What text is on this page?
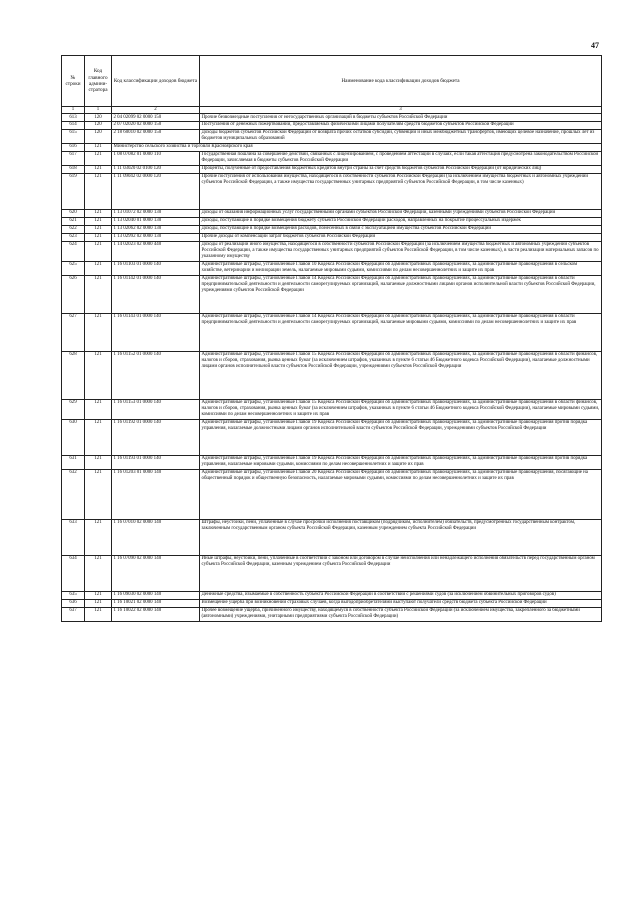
47
№ строки	Код главного админи-стратора	Код классификации доходов бюджета	Наименование кода классификации доходов бюджета
1	1	2	3
613	120	2 04 02099 02 0000 150	Прочие безвозмездные поступления от негосударственных организаций в бюджеты субъектов Российской Федерации
614	120	2 07 02020 02 0000 150	Поступления от денежных пожертвований, предоставляемых физическими лицами получателям средств бюджетов субъектов Российской Федерации
615	120	2 18 60010 02 0000 150	Доходы бюджетов субъектов Российской Федерации от возврата прочих остатков субсидий, субвенций и иных межбюджетных трансфертов, имеющих целевое назначение, прошлых лет из бюджетов муниципальных образований
616	121	Министерство сельского хозяйства и торговли Красноярского края	
617	121	1 08 07082 01 0000 110	Государственная пошлина за совершение действий, связанных с лицензированием, с проведением аттестации в случаях, если такая аттестация предусмотрена законодательством Российской Федерации, зачисляемая в бюджеты субъектов Российской Федерации
618	121	1 11 03020 02 0100 120	Проценты, полученные от предоставления бюджетных кредитов внутри страны за счет средств бюджетов субъектов Российской Федерации (от юридических лиц)
619	121	1 11 09042 02 0000 120	Прочие поступления от использования имущества, находящегося в собственности субъектов Российской Федерации (за исключением имущества бюджетных и автономных учреждений субъектов Российской Федерации, а также имущества государственных унитарных предприятий субъектов Российской Федерации, в том числе казенных)
620	121	1 13 01072 02 0000 130	Доходы от оказания информационных услуг государственными органами субъектов Российской Федерации, казенными учреждениями субъектов Российской Федерации
621	121	1 13 02040 01 0000 130	Доходы, поступающие в порядке возмещения бюджету субъекта Российской Федерации расходов, направленных на покрытие процессуальных издержек
622	121	1 13 02062 02 0000 130	Доходы, поступающие в порядке возмещения расходов, понесенных в связи с эксплуатацией имущества субъектов Российской Федерации
623	121	1 13 02992 02 0000 130	Прочие доходы от компенсации затрат бюджетов субъектов Российской Федерации
624	121	1 14 02023 02 0000 440	Доходы от реализации иного имущества, находящегося в собственности субъектов Российской Федерации (за исключением имущества бюджетных и автономных учреждений субъектов Российской Федерации, а также имущества государственных унитарных предприятий субъектов Российской Федерации, в том числе казенных), в части реализации материальных запасов по указанному имуществу
625	121	1 16 01103 01 0000 140	Административные штрафы, установленные Главой 10 Кодекса Российской Федерации об административных правонарушениях, за административные правонарушения в сельском хозяйстве, ветеринарии и мелиорации земель, налагаемые мировыми судьями, комиссиями по делам несовершеннолетних и защите их прав
626	121	1 16 01142 01 0000 140	Административные штрафы, установленные Главой 14 Кодекса Российской Федерации об административных правонарушениях, за административные правонарушения в области предпринимательской деятельности и деятельности саморегулируемых организаций, налагаемые должностными лицами органов исполнительной власти субъектов Российской Федерации, учреждениями субъектов Российской Федерации
627	121	1 16 01143 01 0000 140	Административные штрафы, установленные Главой 14 Кодекса Российской Федерации об административных правонарушениях, за административные правонарушения в области предпринимательской деятельности и деятельности саморегулируемых организаций, налагаемые мировыми судьями, комиссиями по делам несовершеннолетних и защите их прав
628	121	1 16 01152 01 0000 140	Административные штрафы, установленные Главой 15 Кодекса Российской Федерации об административных правонарушениях, за административные правонарушения в области финансов, налогов и сборов, страхования, рынка ценных бумаг (за исключением штрафов, указанных в пункте 6 статьи 46 Бюджетного кодекса Российской Федерации), налагаемые должностными лицами органов исполнительной власти субъектов Российской Федерации, учреждениями субъектов Российской Федерации
629	121	1 16 01153 01 0000 140	Административные штрафы, установленные Главой 15 Кодекса Российской Федерации об административных правонарушениях, за административные правонарушения в области финансов, налогов и сборов, страхования, рынка ценных бумаг (за исключением штрафов, указанных в пункте 6 статьи 46 Бюджетного кодекса Российской Федерации), налагаемые мировыми судьями, комиссиями по делам несовершеннолетних и защите их прав
630	121	1 16 01192 01 0000 140	Административные штрафы, установленные Главой 19 Кодекса Российской Федерации об административных правонарушениях, за административные правонарушения против порядка управления, налагаемые должностными лицами органов исполнительной власти субъектов Российской Федерации, учреждениями субъектов Российской Федерации
631	121	1 16 01193 01 0000 140	Административные штрафы, установленные Главой 19 Кодекса Российской Федерации об административных правонарушениях, за административные правонарушения против порядка управления, налагаемые мировыми судьями, комиссиями по делам несовершеннолетних и защите их прав
632	121	1 16 01203 01 0000 140	Административные штрафы, установленные Главой 20 Кодекса Российской Федерации об административных правонарушениях, за административные правонарушения, посягающие на общественный порядок и общественную безопасность, налагаемые мировыми судьями, комиссиями по делам несовершеннолетних и защите их прав
633	121	1 16 07010 02 0000 140	Штрафы, неустойки, пени, уплаченные в случае просрочки исполнения поставщиком (подрядчиком, исполнителем) обязательств, предусмотренных государственным контрактом, заключенным государственным органом субъекта Российской Федерации, казенным учреждением субъекта Российской Федерации
634	121	1 16 07090 02 0000 140	Иные штрафы, неустойки, пени, уплаченные в соответствии с законом или договором в случае неисполнения или ненадлежащего исполнения обязательств перед государственным органом субъекта Российской Федерации, казенным учреждением субъекта Российской Федерации
635	121	1 16 09030 02 0000 140	Денежные средства, изымаемые в собственность субъекта Российской Федерации в соответствии с решениями судов (за исключением обвинительных приговоров судов)
636	121	1 16 10021 02 0000 140	Возмещение ущерба при возникновении страховых случаев, когда выгодоприобретателями выступают получатели средств бюджета субъекта Российской Федерации
637	121	1 16 10022 02 0000 140	Прочее возмещение ущерба, причиненного имуществу, находящемуся в собственности субъекта Российской Федерации (за исключением имущества, закрепленного за бюджетными (автономными) учреждениями, унитарными предприятиями субъекта Российской Федерации)
